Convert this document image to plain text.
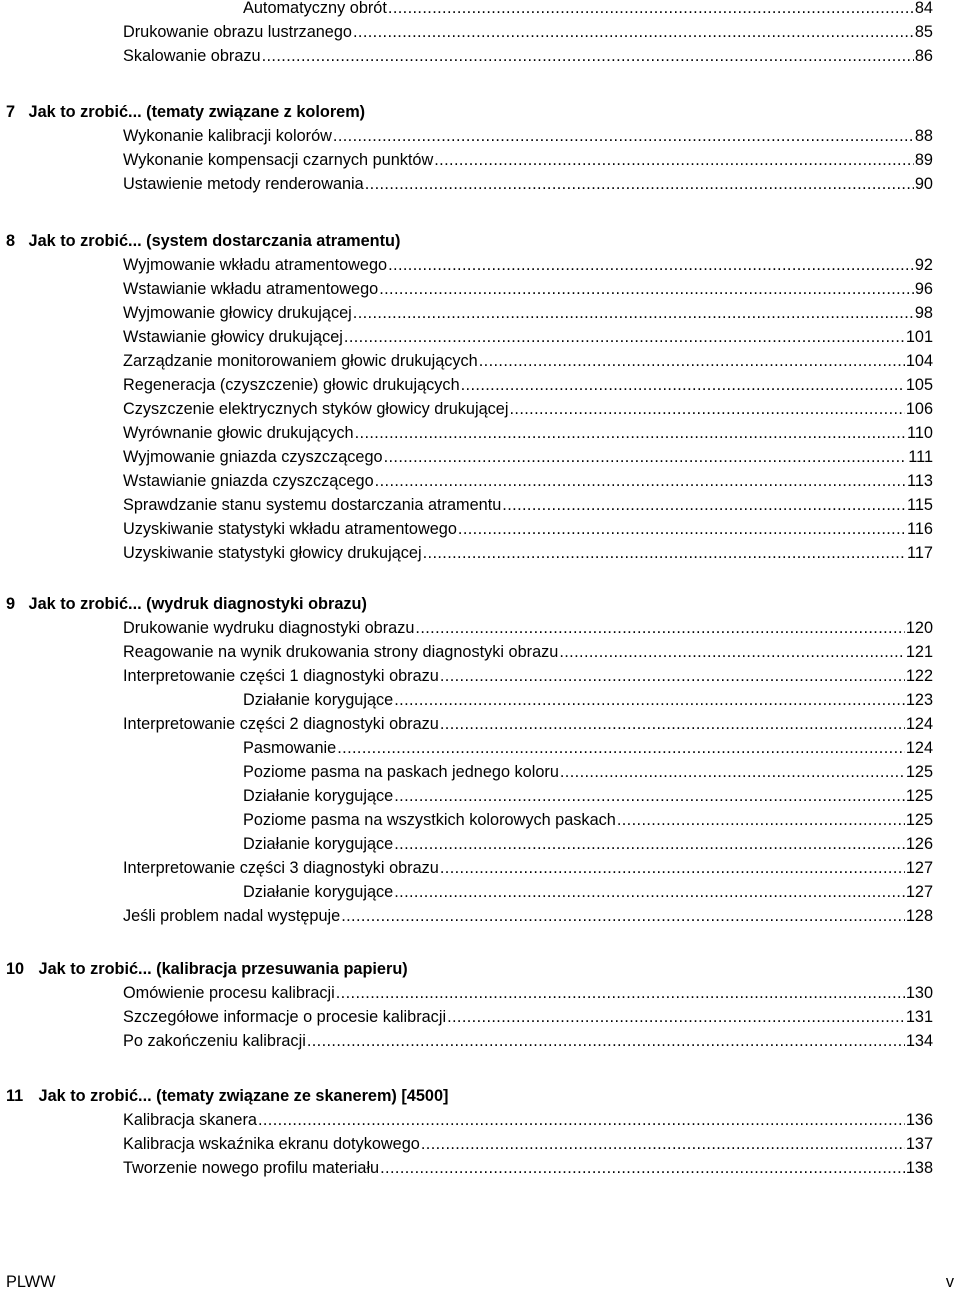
Automatyczny obrót .....	84
Drukowanie obrazu lustrzanego .....	85
Skalowanie obrazu .....	86
7 Jak to zrobić... (tematy związane z kolorem)
Wykonanie kalibracji kolorów .....	88
Wykonanie kompensacji czarnych punktów .....	89
Ustawienie metody renderowania .....	90
8 Jak to zrobić... (system dostarczania atramentu)
Wyjmowanie wkładu atramentowego .....	92
Wstawianie wkładu atramentowego .....	96
Wyjmowanie głowicy drukującej .....	98
Wstawianie głowicy drukującej .....	101
Zarządzanie monitorowaniem głowic drukujących .....	104
Regeneracja (czyszczenie) głowic drukujących .....	105
Czyszczenie elektrycznych styków głowicy drukującej .....	106
Wyrównanie głowic drukujących .....	110
Wyjmowanie gniazda czyszczącego .....	111
Wstawianie gniazda czyszczącego .....	113
Sprawdzanie stanu systemu dostarczania atramentu .....	115
Uzyskiwanie statystyki wkładu atramentowego .....	116
Uzyskiwanie statystyki głowicy drukującej .....	117
9 Jak to zrobić... (wydruk diagnostyki obrazu)
Drukowanie wydruku diagnostyki obrazu .....	120
Reagowanie na wynik drukowania strony diagnostyki obrazu .....	121
Interpretowanie części 1 diagnostyki obrazu .....	122
Działanie korygujące .....	123
Interpretowanie części 2 diagnostyki obrazu .....	124
Pasmowanie .....	124
Poziome pasma na paskach jednego koloru .....	125
Działanie korygujące .....	125
Poziome pasma na wszystkich kolorowych paskach .....	125
Działanie korygujące .....	126
Interpretowanie części 3 diagnostyki obrazu .....	127
Działanie korygujące .....	127
Jeśli problem nadal występuje .....	128
10 Jak to zrobić... (kalibracja przesuwania papieru)
Omówienie procesu kalibracji .....	130
Szczegółowe informacje o procesie kalibracji .....	131
Po zakończeniu kalibracji .....	134
11 Jak to zrobić... (tematy związane ze skanerem) [4500]
Kalibracja skanera .....	136
Kalibracja wskaźnika ekranu dotykowego .....	137
Tworzenie nowego profilu materiału .....	138
PLWW	v
